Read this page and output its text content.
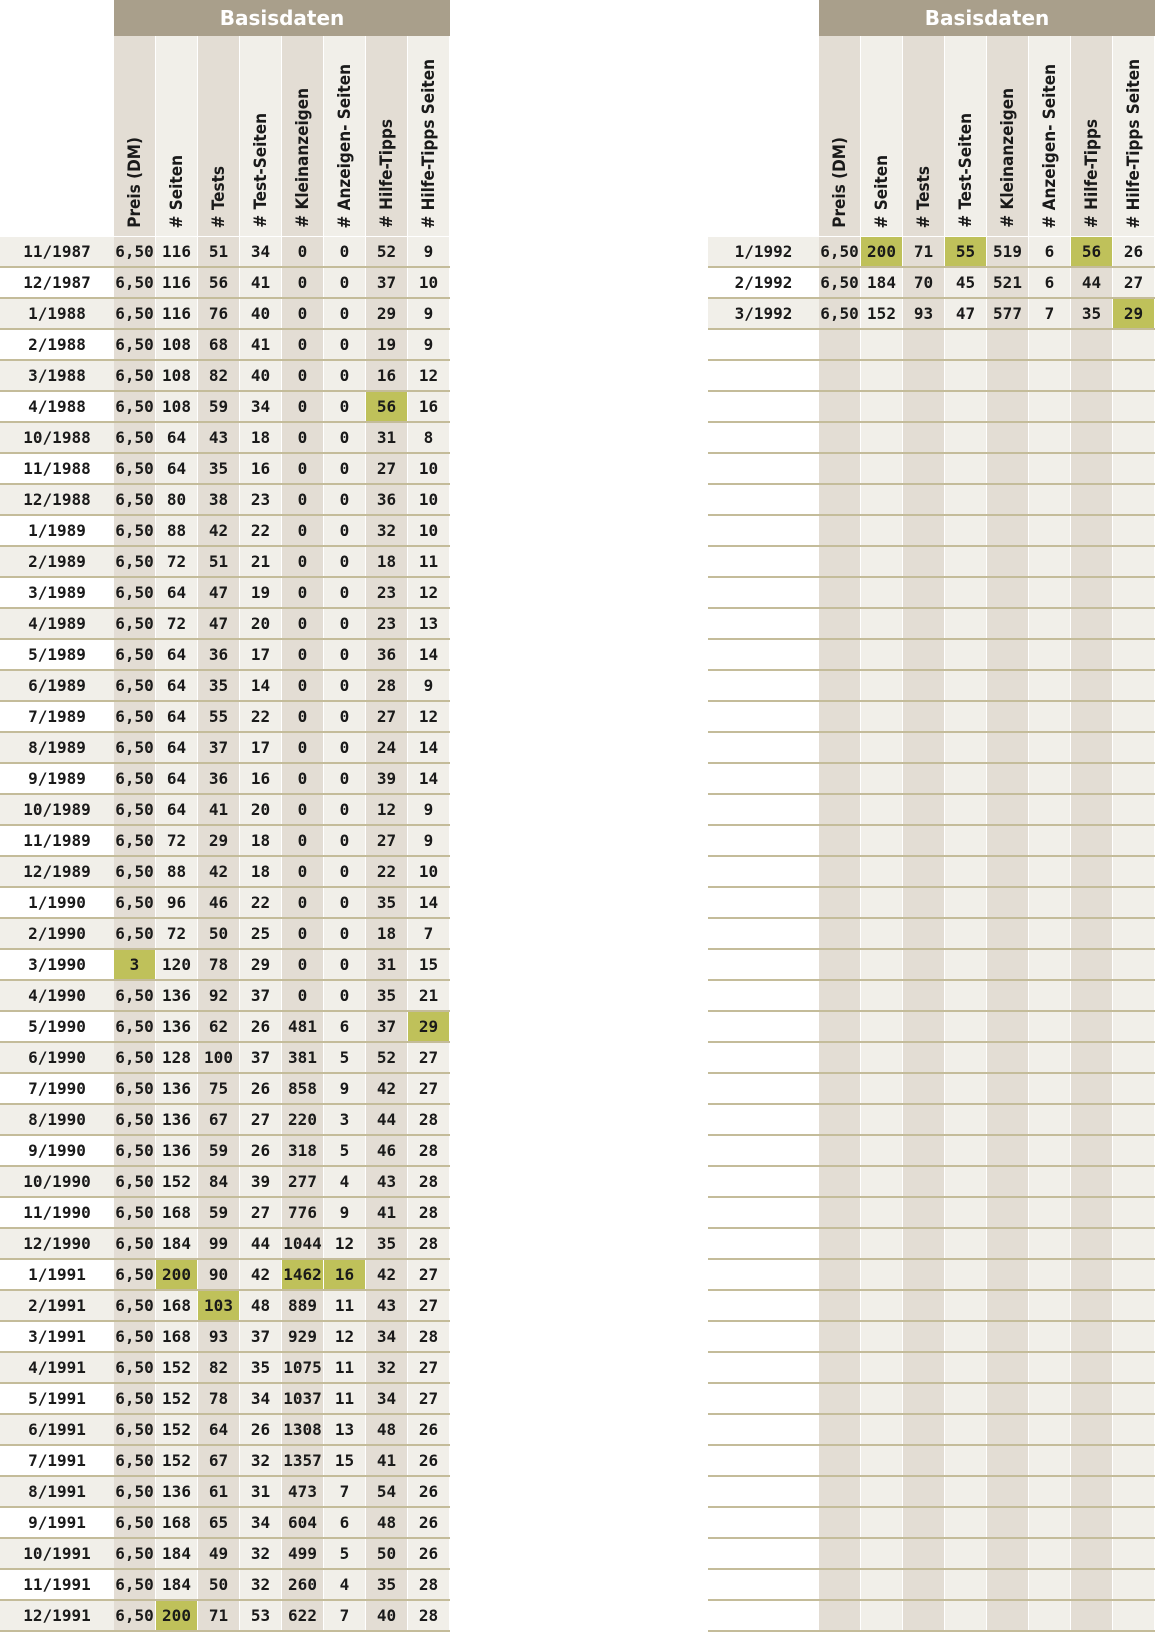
Basisdaten
Preis (DM) # Seiten # Tests # Test-Seiten # Kleinanzeigen # Anzeigen- Seiten # Hilfe-Tipps # Hilfe-Tipps Seiten
11/1987	6,50 116	51	34	0	0	52	9
12/1987	6,50 116	56	41	0	0	37	10
1/1988	6,50 116	76	40	0	0	29	9
2/1988	6,50 108	68	41	0	0	19	9
3/1988	6,50 108	82	40	0	0	16	12
4/1988	6,50 108	59	34	0	0	56	16
10/1988	6,50 64	43	18	0	0	31	8
11/1988	6,50 64	35	16	0	0	27	10
12/1988	6,50 80	38	23	0	0	36	10
1/1989	6,50 88	42	22	0	0	32	10
2/1989	6,50 72	51	21	0	0	18	11
3/1989	6,50 64	47	19	0	0	23	12
4/1989	6,50 72	47	20	0	0	23	13
5/1989	6,50 64	36	17	0	0	36	14
6/1989	6,50 64	35	14	0	0	28	9
7/1989	6,50 64	55	22	0	0	27	12
8/1989	6,50 64	37	17	0	0	24	14
9/1989	6,50 64	36	16	0	0	39	14
10/1989	6,50 64	41	20	0	0	12	9
11/1989	6,50 72	29	18	0	0	27	9
12/1989	6,50 88	42	18	0	0	22	10
1/1990	6,50 96	46	22	0	0	35	14
2/1990	6,50 72	50	25	0	0	18	7
3/1990	3	120	78	29	0	0	31	15
4/1990	6,50 136	92	37	0	0	35	21
5/1990	6,50 136	62	26	481	6	37	29
6/1990	6,50 128 100	37	381	5	52	27
7/1990	6,50 136	75	26	858	9	42	27
8/1990	6,50 136	67	27	220	3	44	28
9/1990	6,50 136	59	26	318	5	46	28
10/1990	6,50 152	84	39	277	4	43	28
11/1990	6,50 168	59	27	776	9	41	28
12/1990	6,50 184	99	44 1044 12	35	28
1/1991	6,50 200	90	42 1462 16	42	27
2/1991	6,50 168 103	48	889	11	43	27
3/1991	6,50 168	93	37	929	12	34	28
4/1991	6,50 152	82	35 1075 11	32	27
5/1991	6,50 152	78	34 1037 11	34	27
6/1991	6,50 152	64	26 1308 13	48	26
7/1991	6,50 152	67	32 1357 15	41	26
8/1991	6,50 136	61	31	473	7	54	26
9/1991	6,50 168	65	34	604	6	48	26
10/1991	6,50 184	49	32	499	5	50	26
11/1991	6,50 184	50	32	260	4	35	28
12/1991	6,50 200	71	53	622	7	40	28
Basisdaten
Preis (DM) # Seiten # Tests # Test-Seiten # Kleinanzeigen # Anzeigen- Seiten # Hilfe-Tipps # Hilfe-Tipps Seiten
1/1992	6,50 200	71	55	519	6	56	26
2/1992	6,50 184	70	45	521	6	44	27
3/1992	6,50 152	93	47	577	7	35	29
